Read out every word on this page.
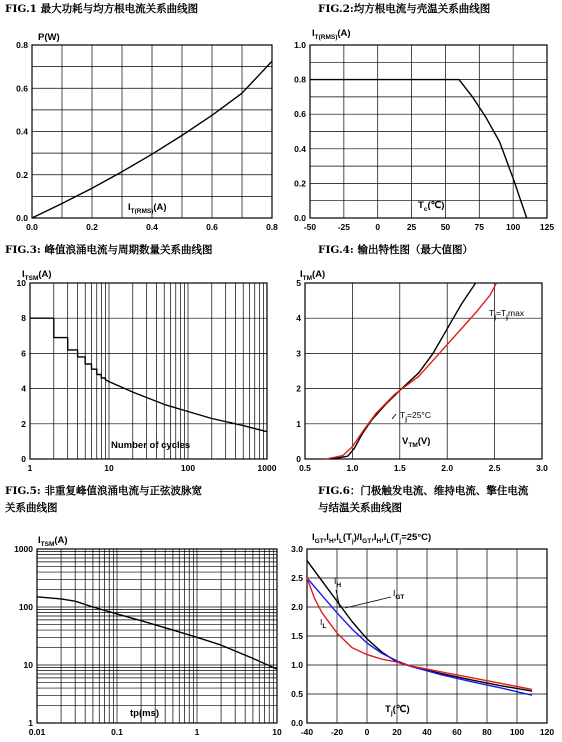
FIG.1 最大功耗与均方根电流关系曲线图
0.0	0.2	0.4	0.6	0.8
0.0
0.2
0.4
0.6
0.8
FIG.2:均方根电流与壳温关系曲线图
-50	-25	0	25	50	75	100 125
0.0
0.2
0.4
0.6
0.8
1.0
FIG.3: 峰值浪涌电流与周期数量关系曲线图
1	10	100	1000
0
2
4
6
8
10
FIG.4: 输出特性图（最大值图）
0.5	1.0	1.5	2.0	2.5	3.0
0
1
2
3
4
5
FIG.5: 非重复峰值浪涌电流与正弦波脉宽
关系曲线图
0.01	0.1	1	10
1
10
100
1000
FIG.6：门极触发电流、维持电流、擎住电流
与结温关系曲线图
-40 -20	0	20 40 60 80 100 120
0.0
0.5
1.0
1.5
2.0
2.5
3.0
P(W)
$I_{T(RMS)}(A)$
$I_{T(RMS)}(A)$
$T_c(℃)$
$I_{TSM}(A)$
Number of cycles
$I_{TM}(A)$
$V_{TM}(V)$
$T_j=25^\circ C$
$T_j=T_j\max$
$I_{TSM}(A)$
tp(ms)
$I_{GT},I_H,I_L(T_j)/I_{GT},I_H,I_L(T_j=25^\circ C)$
$T_j(℃)$
$I_H$
$I_{GT}$
$I_L$
